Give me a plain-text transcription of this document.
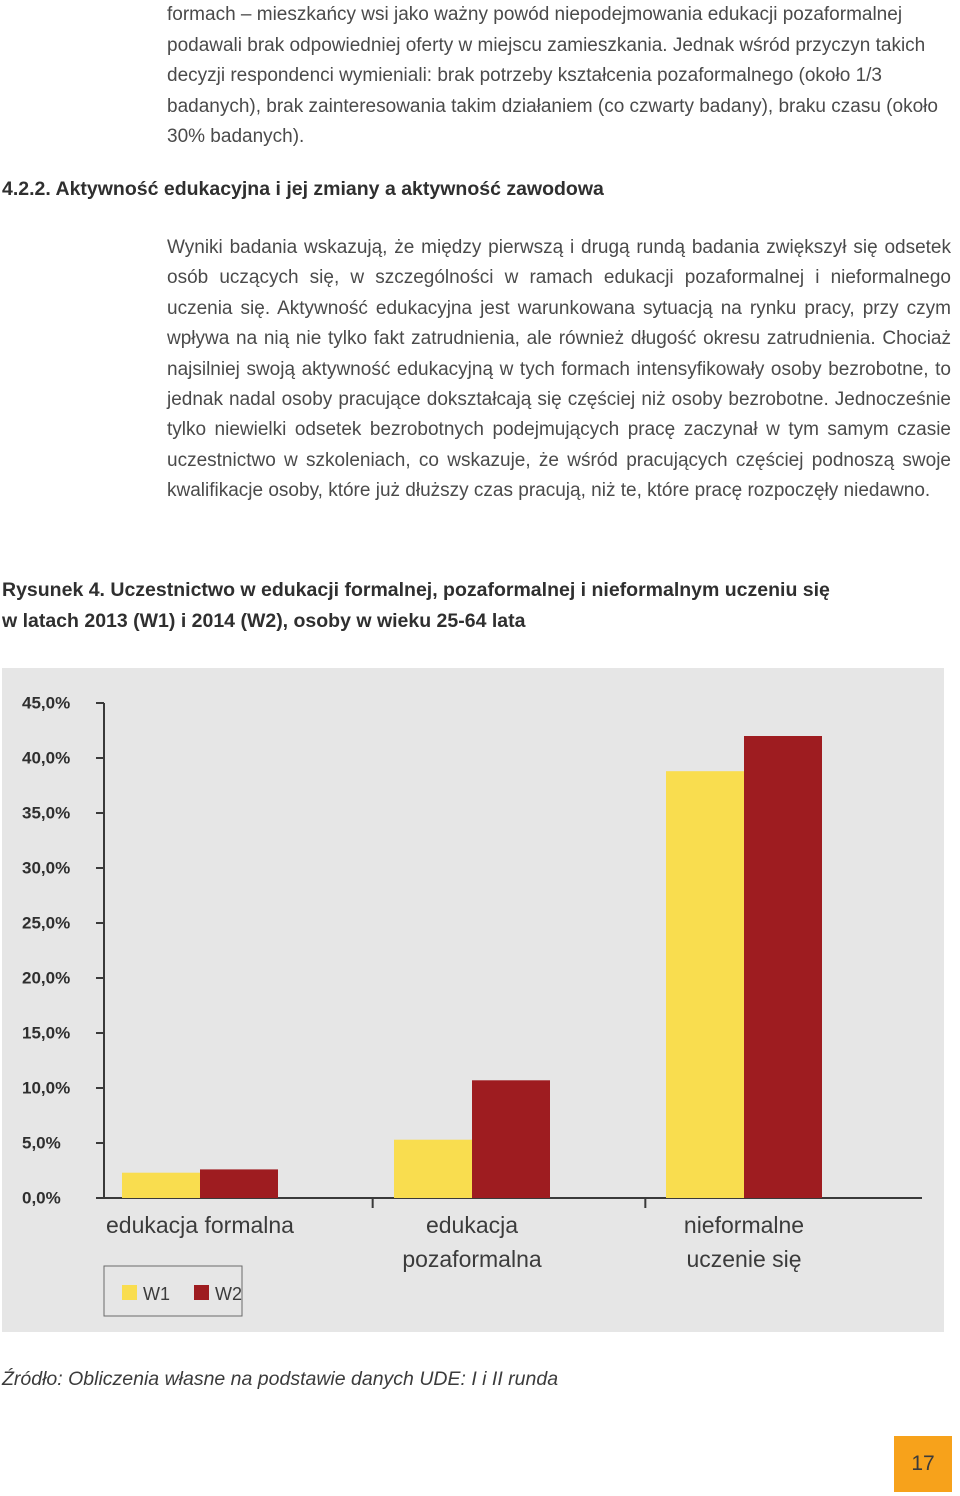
formach – mieszkańcy wsi jako ważny powód niepodejmowania edukacji pozaformalnej podawali brak odpowiedniej oferty w miejscu zamieszkania. Jednak wśród przyczyn takich decyzji respondenci wymieniali: brak potrzeby kształcenia pozaformalnego (około 1/3 badanych), brak zainteresowania takim działaniem (co czwarty badany), braku czasu (około 30% badanych).

4.2.2. Aktywność edukacyjna i jej zmiany a aktywność zawodowa

Wyniki badania wskazują, że między pierwszą i drugą rundą badania zwiększył się odsetek osób uczących się, w szczególności w ramach edukacji pozaformalnej i nieformalnego uczenia się. Aktywność edukacyjna jest warunkowana sytuacją na rynku pracy, przy czym wpływa na nią nie tylko fakt zatrudnienia, ale również długość okresu zatrudnienia. Chociaż najsilniej swoją aktywność edukacyjną w tych formach intensyfikowały osoby bezrobotne, to jednak nadal osoby pracujące dokształcają się częściej niż osoby bezrobotne. Jednocześnie tylko niewielki odsetek bezrobotnych podejmujących pracę zaczynał w tym samym czasie uczestnictwo w szkoleniach, co wskazuje, że wśród pracujących częściej podnoszą swoje kwalifikacje osoby, które już dłuższy czas pracują, niż te, które pracę rozpoczęły niedawno.

Rysunek 4. Uczestnictwo w edukacji formalnej, pozaformalnej i nieformalnym uczeniu się
w latach 2013 (W1) i 2014 (W2), osoby w wieku 25-64 lata
0,0%
5,0%
10,0%
15,0%
20,0%
25,0%
30,0%
35,0%
40,0%
45,0%
edukacja formalna	edukacja
pozaformalna
nieformalne
uczenie się
W1	W2

Źródło: Obliczenia własne na podstawie danych UDE: I i II runda

17
